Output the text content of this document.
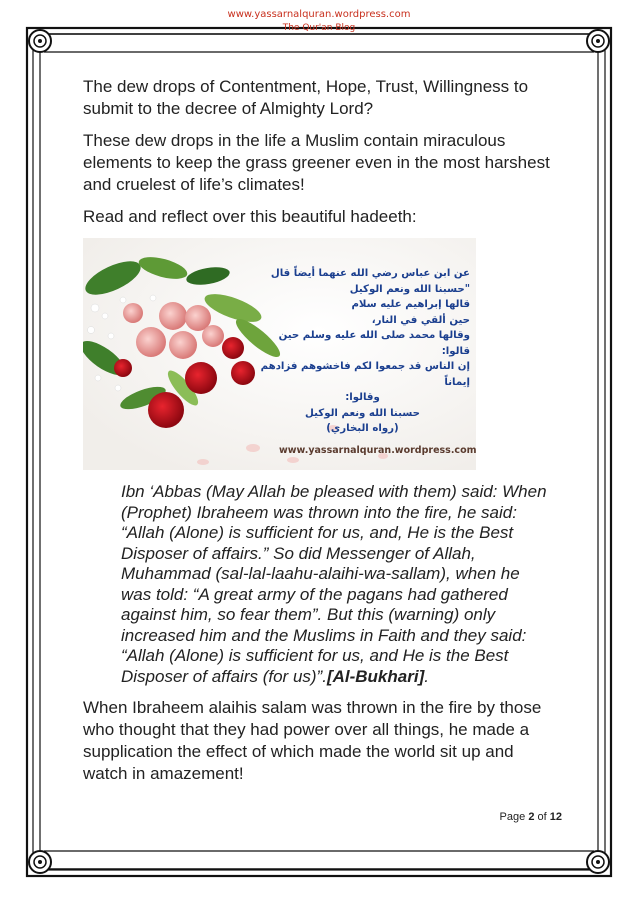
www.yassarnalquran.wordpress.com
The Qur'an Blog

The dew drops of Contentment, Hope, Trust, Willingness to submit to the decree of Almighty Lord?

These dew drops in the life a Muslim contain miraculous elements to keep the grass greener even in the most harshest and cruelest of life’s climates!

Read and reflect over this beautiful hadeeth:

عن ابن عباس رضي الله عنهما أيضاً قال
"حسبنا الله ونعم الوكيل
قالها إبراهيم عليه سلام
حين ألقي في النار،
وقالها محمد صلى الله عليه وسلم حين قالوا:
إن الناس قد جمعوا لكم فاخشوهم فزادهم إيماناً
وقالوا:
حسبنا الله ونعم الوكيل
(رواه البخاري)
www.yassarnalquran.wordpress.com
Ibn ‘Abbas (May Allah be pleased with them) said: When (Prophet) Ibraheem was thrown into the fire, he said: “Allah (Alone) is sufficient for us, and, He is the Best Disposer of affairs.” So did Messenger of Allah, Muhammad (sal-lal-laahu-alaihi-wa-sallam), when he was told: “A great army of the pagans had gathered against him, so fear them”. But this (warning) only increased him and the Muslims in Faith and they said: “Allah (Alone) is sufficient for us, and He is the Best Disposer of affairs (for us)”.[Al-Bukhari].

When Ibraheem alaihis salam was thrown in the fire by those who thought that they had power over all things, he made a supplication the effect of which made the world sit up and watch in amazement!

Page 2 of 12
